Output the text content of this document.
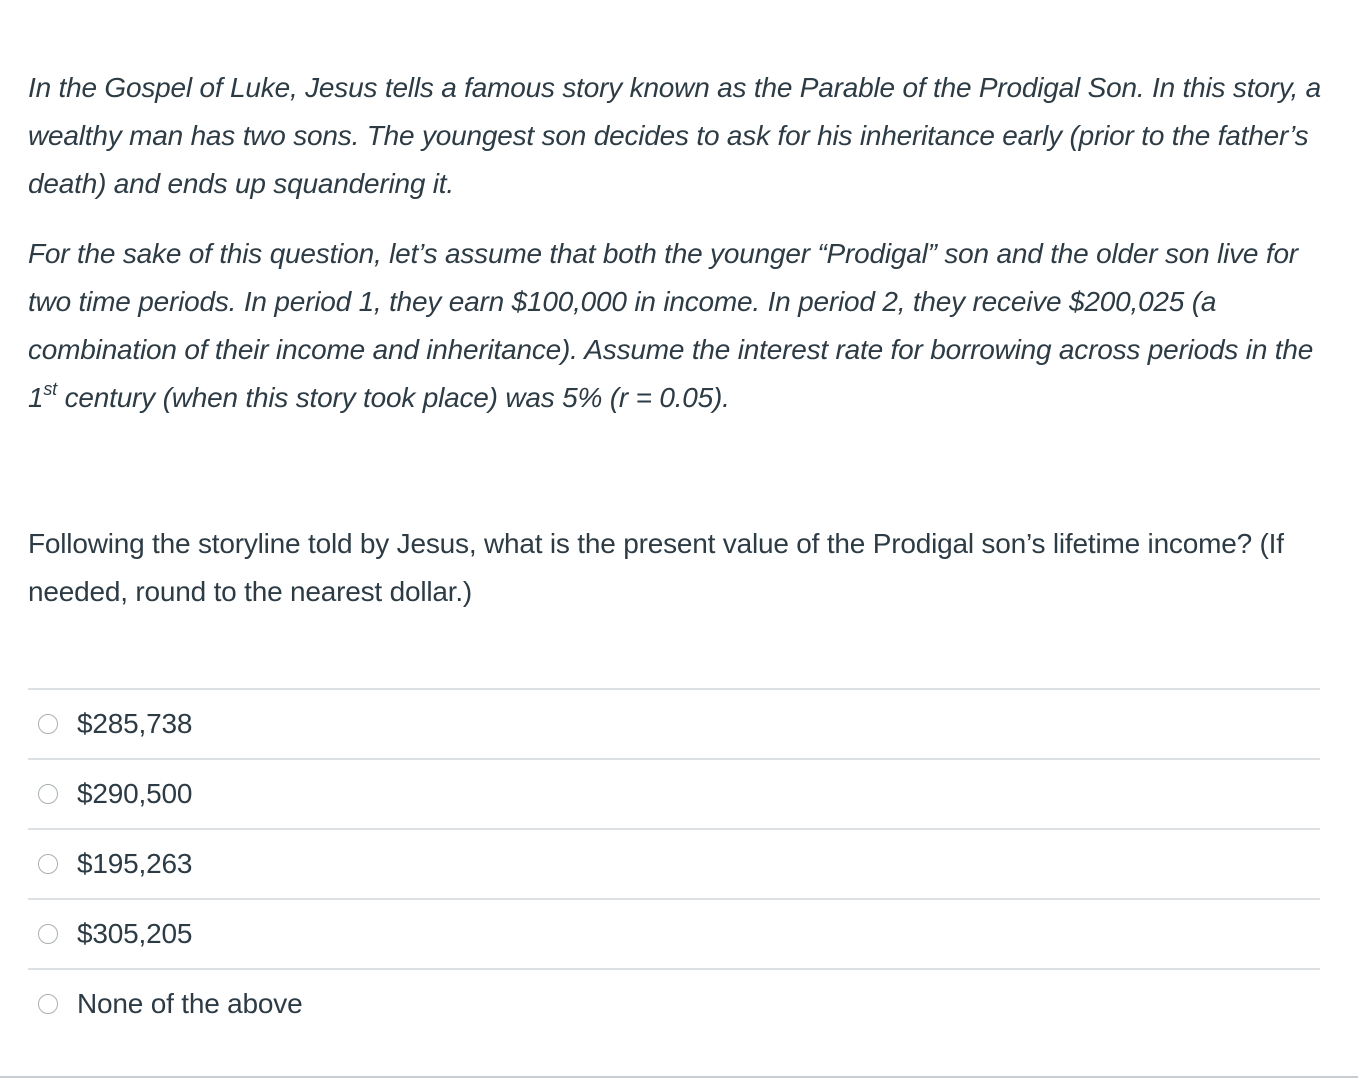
In the Gospel of Luke, Jesus tells a famous story known as the Parable of the Prodigal Son. In this story, a wealthy man has two sons. The youngest son decides to ask for his inheritance early (prior to the father’s death) and ends up squandering it.

For the sake of this question, let’s assume that both the younger “Prodigal” son and the older son live for two time periods. In period 1, they earn $100,000 in income. In period 2, they receive $200,025 (a combination of their income and inheritance). Assume the interest rate for borrowing across periods in the 1st century (when this story took place) was 5% (r = 0.05).

Following the storyline told by Jesus, what is the present value of the Prodigal son’s lifetime income? (If needed, round to the nearest dollar.)

$285,738
$290,500
$195,263
$305,205
None of the above
